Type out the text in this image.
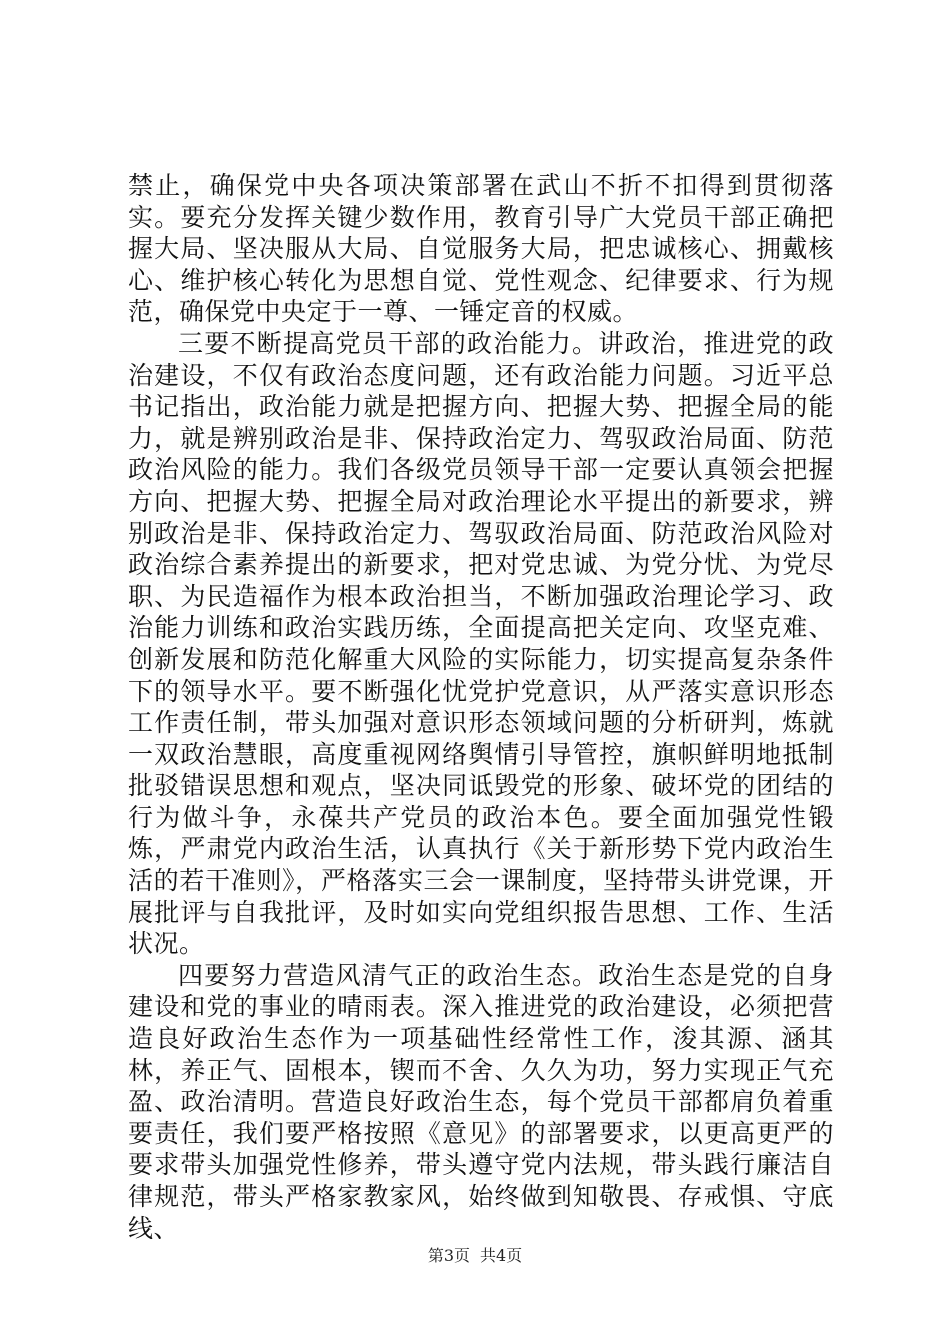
禁止，确保党中央各项决策部署在武山不折不扣得到贯彻落实。要充分发挥关键少数作用，教育引导广大党员干部正确把握大局、坚决服从大局、自觉服务大局，把忠诚核心、拥戴核心、维护核心转化为思想自觉、党性观念、纪律要求、行为规范，确保党中央定于一尊、一锤定音的权威。

三要不断提高党员干部的政治能力。讲政治，推进党的政治建设，不仅有政治态度问题，还有政治能力问题。习近平总书记指出，政治能力就是把握方向、把握大势、把握全局的能力，就是辨别政治是非、保持政治定力、驾驭政治局面、防范政治风险的能力。我们各级党员领导干部一定要认真领会把握方向、把握大势、把握全局对政治理论水平提出的新要求，辨别政治是非、保持政治定力、驾驭政治局面、防范政治风险对政治综合素养提出的新要求，把对党忠诚、为党分忧、为党尽职、为民造福作为根本政治担当，不断加强政治理论学习、政治能力训练和政治实践历练，全面提高把关定向、攻坚克难、创新发展和防范化解重大风险的实际能力，切实提高复杂条件下的领导水平。要不断强化忧党护党意识，从严落实意识形态工作责任制，带头加强对意识形态领域问题的分析研判，炼就一双政治慧眼，高度重视网络舆情引导管控，旗帜鲜明地抵制批驳错误思想和观点，坚决同诋毁党的形象、破坏党的团结的行为做斗争，永葆共产党员的政治本色。要全面加强党性锻炼，严肃党内政治生活，认真执行《关于新形势下党内政治生活的若干准则》，严格落实三会一课制度，坚持带头讲党课，开展批评与自我批评，及时如实向党组织报告思想、工作、生活状况。

四要努力营造风清气正的政治生态。政治生态是党的自身建设和党的事业的晴雨表。深入推进党的政治建设，必须把营造良好政治生态作为一项基础性经常性工作，浚其源、涵其林，养正气、固根本，锲而不舍、久久为功，努力实现正气充盈、政治清明。营造良好政治生态，每个党员干部都肩负着重要责任，我们要严格按照《意见》的部署要求，以更高更严的要求带头加强党性修养，带头遵守党内法规，带头践行廉洁自律规范，带头严格家教家风，始终做到知敬畏、存戒惧、守底线、

第3页 共4页
